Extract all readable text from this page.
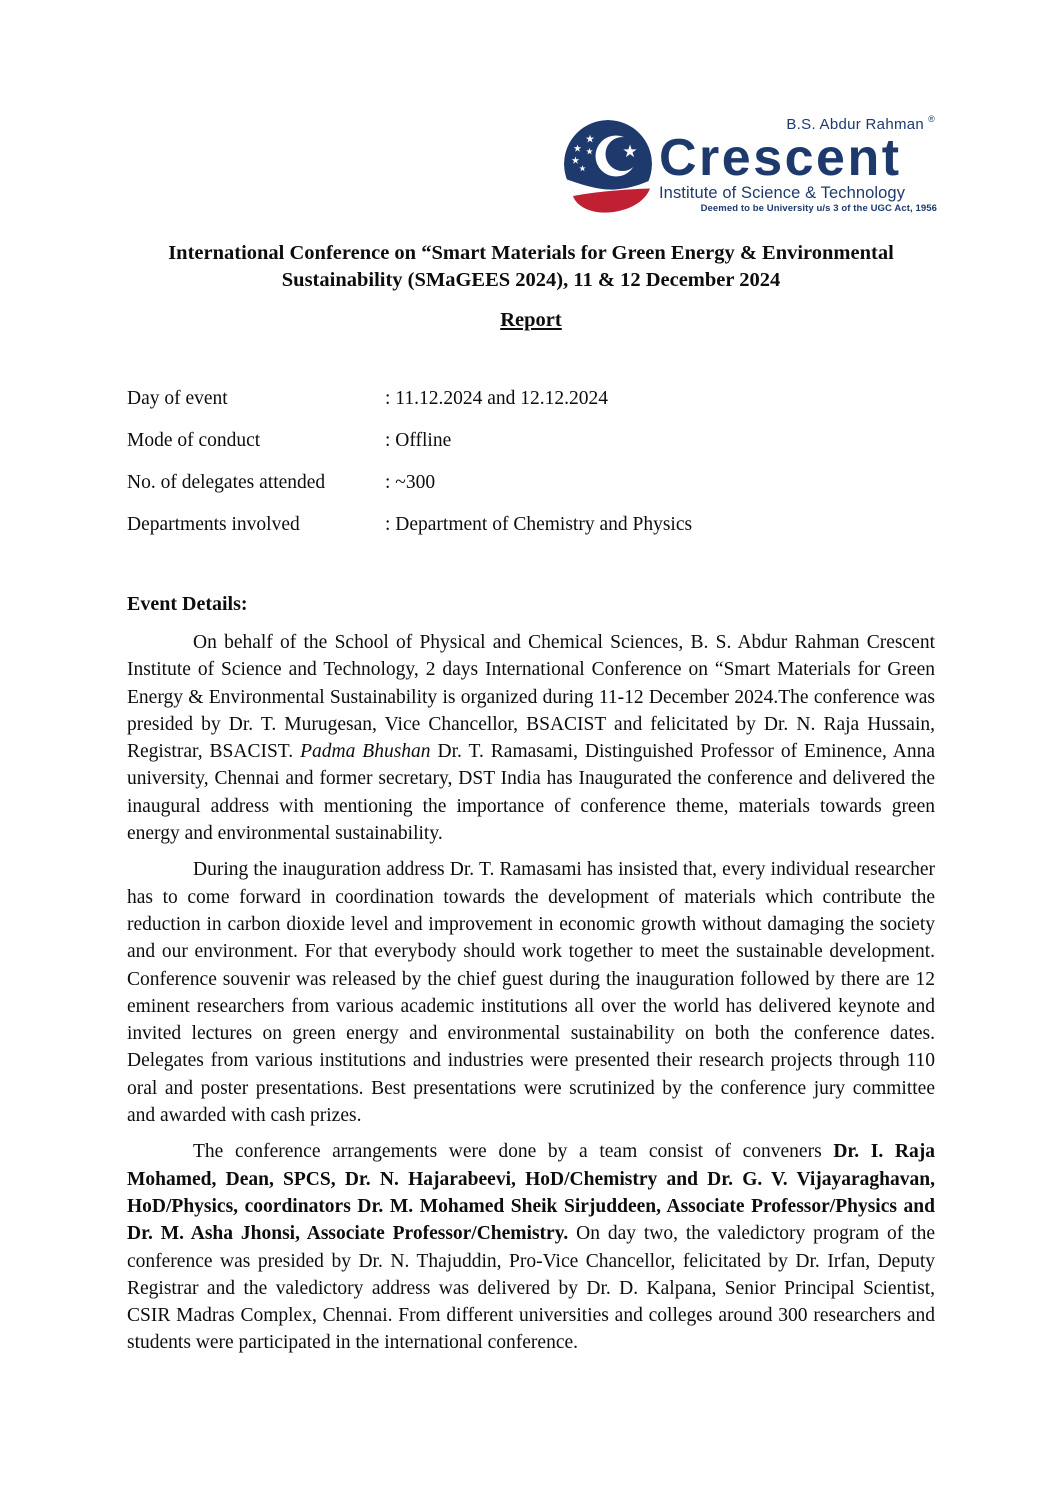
B.S. Abdur Rahman ®
Crescent
Institute of Science & Technology
Deemed to be University u/s 3 of the UGC Act, 1956
International Conference on “Smart Materials for Green Energy & Environmental
Sustainability (SMaGEES 2024), 11 & 12 December 2024
Report
Day of event	: 11.12.2024 and 12.12.2024
Mode of conduct	: Offline
No. of delegates attended	: ~300
Departments involved	: Department of Chemistry and Physics
Event Details:

On behalf of the School of Physical and Chemical Sciences, B. S. Abdur Rahman Crescent Institute of Science and Technology, 2 days International Conference on “Smart Materials for Green Energy & Environmental Sustainability is organized during 11-12 December 2024.The conference was presided by Dr. T. Murugesan, Vice Chancellor, BSACIST and felicitated by Dr. N. Raja Hussain, Registrar, BSACIST. Padma Bhushan Dr. T. Ramasami, Distinguished Professor of Eminence, Anna university, Chennai and former secretary, DST India has Inaugurated the conference and delivered the inaugural address with mentioning the importance of conference theme, materials towards green energy and environmental sustainability.

During the inauguration address Dr. T. Ramasami has insisted that, every individual researcher has to come forward in coordination towards the development of materials which contribute the reduction in carbon dioxide level and improvement in economic growth without damaging the society and our environment. For that everybody should work together to meet the sustainable development. Conference souvenir was released by the chief guest during the inauguration followed by there are 12 eminent researchers from various academic institutions all over the world has delivered keynote and invited lectures on green energy and environmental sustainability on both the conference dates. Delegates from various institutions and industries were presented their research projects through 110 oral and poster presentations. Best presentations were scrutinized by the conference jury committee and awarded with cash prizes.

The conference arrangements were done by a team consist of conveners Dr. I. Raja Mohamed, Dean, SPCS, Dr. N. Hajarabeevi, HoD/Chemistry and Dr. G. V. Vijayaraghavan, HoD/Physics, coordinators Dr. M. Mohamed Sheik Sirjuddeen, Associate Professor/Physics and Dr. M. Asha Jhonsi, Associate Professor/Chemistry. On day two, the valedictory program of the conference was presided by Dr. N. Thajuddin, Pro-Vice Chancellor, felicitated by Dr. Irfan, Deputy Registrar and the valedictory address was delivered by Dr. D. Kalpana, Senior Principal Scientist, CSIR Madras Complex, Chennai. From different universities and colleges around 300 researchers and students were participated in the international conference.
